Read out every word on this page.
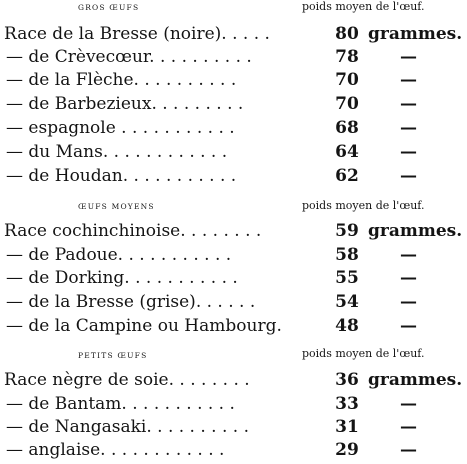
GROS ŒUFS	poids moyen de l'œuf.
Race de la Bresse (noire). . . . .	80 grammes.
— de Crèvecœur. . . . . . . . . .	78 —
— de la Flèche. . . . . . . . . .	70 —
— de Barbezieux. . . . . . . . .	70 —
— espagnole . . . . . . . . . . .	68 —
— du Mans. . . . . . . . . . . .	64 —
— de Houdan. . . . . . . . . . .	62 —
ŒUFS MOYENS	poids moyen de l'œuf.
Race cochinchinoise. . . . . . . .	59 grammes.
— de Padoue. . . . . . . . . . .	58 —
— de Dorking. . . . . . . . . . .	55 —
— de la Bresse (grise). . . . . .	54 —
— de la Campine ou Hambourg.	48 —
PETITS ŒUFS	poids moyen de l'œuf.
Race nègre de soie. . . . . . . .	36 grammes.
— de Bantam. . . . . . . . . . .	33 —
— de Nangasaki. . . . . . . . . .	31 —
— anglaise. . . . . . . . . . . .	29 —
